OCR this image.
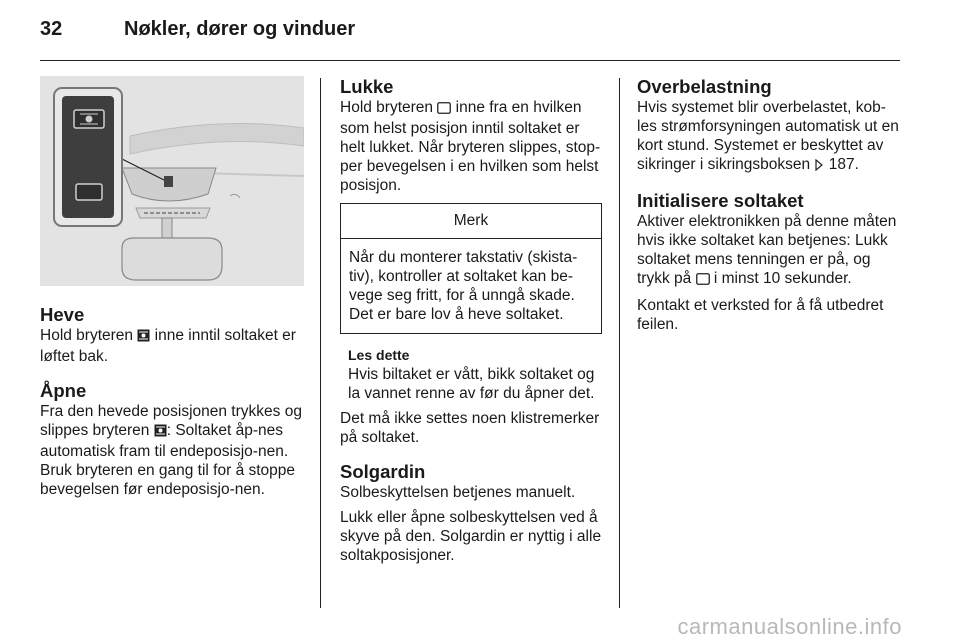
32	Nøkler, dører og vinduer
Heve

Hold bryteren  inne inntil soltaket er løftet bak.

Åpne

Fra den hevede posisjonen trykkes og slippes bryteren : Soltaket åp-nes automatisk fram til endeposisjo-nen. Bruk bryteren en gang til for å stoppe bevegelsen før endeposisjo-nen.

Lukke

Hold bryteren  inne fra en hvilken som helst posisjon inntil soltaket er helt lukket. Når bryteren slippes, stop-per bevegelsen i en hvilken som helst posisjon.

Merk
Når du monterer takstativ (skista-tiv), kontroller at soltaket kan be-vege seg fritt, for å unngå skade. Det er bare lov å heve soltaket.
Les dette
Hvis biltaket er vått, bikk soltaket og la vannet renne av før du åpner det.

Det må ikke settes noen klistremerker på soltaket.

Solgardin

Solbeskyttelsen betjenes manuelt.

Lukk eller åpne solbeskyttelsen ved å skyve på den. Solgardin er nyttig i alle soltakposisjoner.

Overbelastning

Hvis systemet blir overbelastet, kob-les strømforsyningen automatisk ut en kort stund. Systemet er beskyttet av sikringer i sikringsboksen  187.

Initialisere soltaket

Aktiver elektronikken på denne måten hvis ikke soltaket kan betjenes: Lukk soltaket mens tenningen er på, og trykk på  i minst 10 sekunder.

Kontakt et verksted for å få utbedret feilen.

carmanualsonline.info
